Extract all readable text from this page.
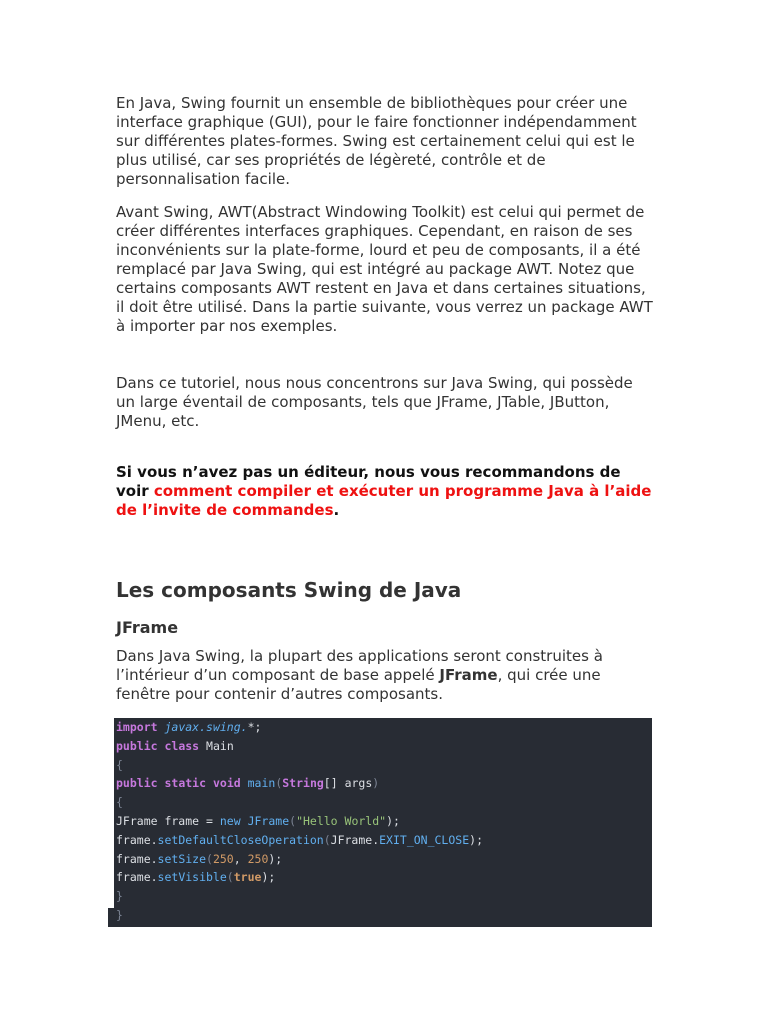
En Java, Swing fournit un ensemble de bibliothèques pour créer une interface graphique (GUI), pour le faire fonctionner indépendamment sur différentes plates-formes. Swing est certainement celui qui est le plus utilisé, car ses propriétés de légèreté, contrôle et de personnalisation facile.

Avant Swing, AWT(Abstract Windowing Toolkit) est celui qui permet de créer différentes interfaces graphiques. Cependant, en raison de ses inconvénients sur la plate-forme, lourd et peu de composants, il a été remplacé par Java Swing, qui est intégré au package AWT. Notez que certains composants AWT restent en Java et dans certaines situations, il doit être utilisé. Dans la partie suivante, vous verrez un package AWT à importer par nos exemples.

Dans ce tutoriel, nous nous concentrons sur Java Swing, qui possède un large éventail de composants, tels que JFrame, JTable, JButton, JMenu, etc.

Si vous n’avez pas un éditeur, nous vous recommandons de voir comment compiler et exécuter un programme Java à l’aide de l’invite de commandes.

Les composants Swing de Java
JFrame

Dans Java Swing, la plupart des applications seront construites à l’intérieur d’un composant de base appelé JFrame, qui crée une fenêtre pour contenir d’autres composants.

import javax.swing.*;
public class Main
{
public static void main(String[] args)
{
JFrame frame = new JFrame("Hello World");
frame.setDefaultCloseOperation(JFrame.EXIT_ON_CLOSE);
frame.setSize(250, 250);
frame.setVisible(true);
}
}
